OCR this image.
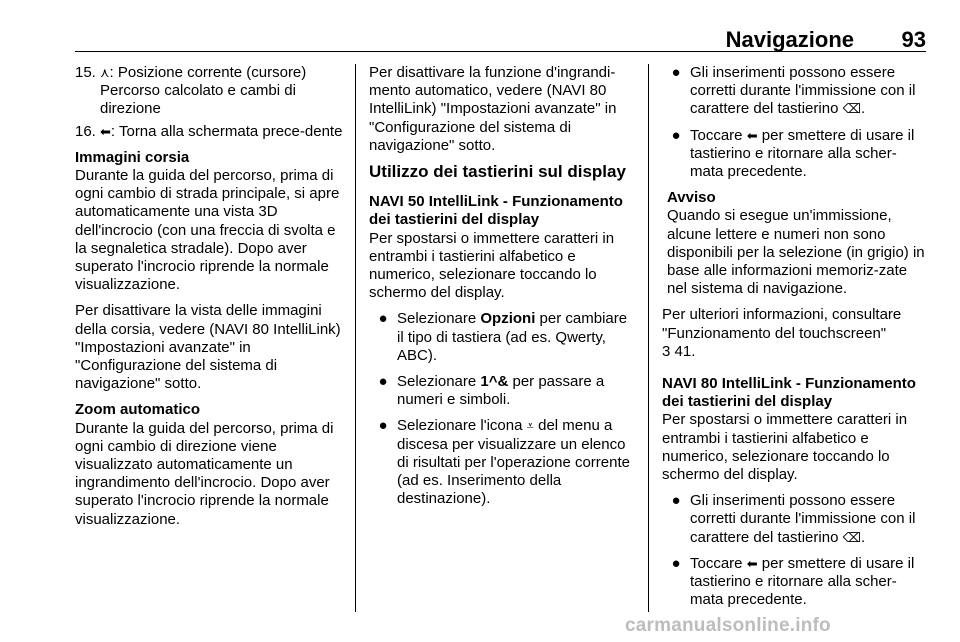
Navigazione 93
15. ⋏: Posizione corrente (cursore)

Percorso calcolato e cambi di direzione

16. ⬅: Torna alla schermata prece-dente

Immagini corsia

Durante la guida del percorso, prima di ogni cambio di strada principale, si apre automaticamente una vista 3D dell'incrocio (con una freccia di svolta e la segnaletica stradale). Dopo aver superato l'incrocio riprende la normale visualizzazione.

Per disattivare la vista delle immagini della corsia, vedere (NAVI 80 IntelliLink) "Impostazioni avanzate" in "Configurazione del sistema di navigazione" sotto.

Zoom automatico

Durante la guida del percorso, prima di ogni cambio di direzione viene visualizzato automaticamente un ingrandimento dell'incrocio. Dopo aver superato l'incrocio riprende la normale visualizzazione.

Per disattivare la funzione d'ingrandi-mento automatico, vedere (NAVI 80 IntelliLink) "Impostazioni avanzate" in "Configurazione del sistema di navigazione" sotto.

Utilizzo dei tastierini sul display

NAVI 50 IntelliLink - Funzionamento dei tastierini del display

Per spostarsi o immettere caratteri in entrambi i tastierini alfabetico e numerico, selezionare toccando lo schermo del display.

● Selezionare Opzioni per cambiare il tipo di tastiera (ad es. Qwerty, ABC).
● Selezionare 1^& per passare a numeri e simboli.
● Selezionare l'icona ⩡ del menu a discesa per visualizzare un elenco di risultati per l'operazione corrente (ad es. Inserimento della destinazione).
● Gli inserimenti possono essere corretti durante l'immissione con il carattere del tastierino ⌫.
● Toccare ⬅ per smettere di usare il tastierino e ritornare alla scher-mata precedente.

Avviso

Quando si esegue un'immissione, alcune lettere e numeri non sono disponibili per la selezione (in grigio) in base alle informazioni memoriz-zate nel sistema di navigazione.

Per ulteriori informazioni, consultare "Funzionamento del touchscreen"

3 41.

NAVI 80 IntelliLink - Funzionamento dei tastierini del display

Per spostarsi o immettere caratteri in entrambi i tastierini alfabetico e numerico, selezionare toccando lo schermo del display.

● Gli inserimenti possono essere corretti durante l'immissione con il carattere del tastierino ⌫.
● Toccare ⬅ per smettere di usare il tastierino e ritornare alla scher-mata precedente.
carmanualsonline.info
